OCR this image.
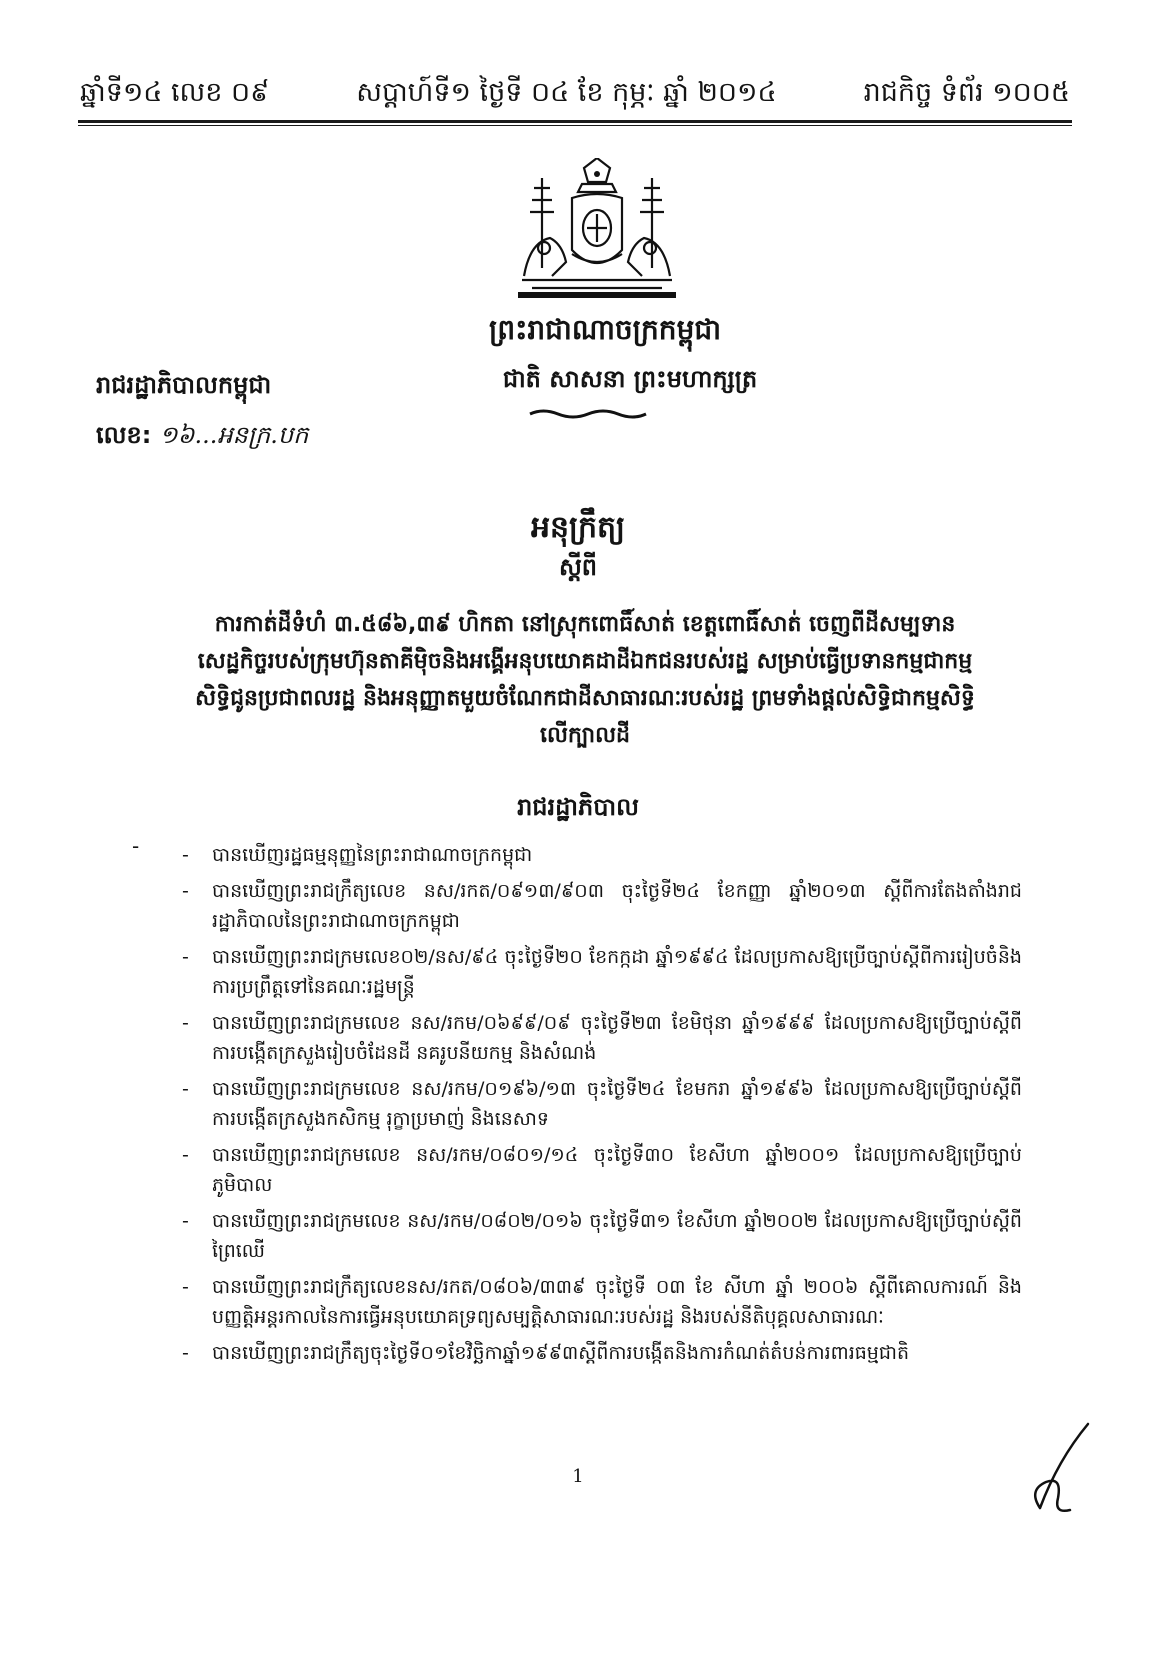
ឆ្នាំទី១៤ លេខ ០៩	សប្ដាហ៍ទី១ ថ្ងៃទី ០៤ ខែ កុម្ភៈ ឆ្នាំ ២០១៤	រាជកិច្ច ទំព័រ ១០០៥
ព្រះរាជាណាចក្រកម្ពុជា
ជាតិ សាសនា ព្រះមហាក្សត្រ
រាជរដ្ឋាភិបាលកម្ពុជា
លេខ: ១៦...អនក្រ.បក
អនុក្រឹត្យ
ស្ដីពី
ការកាត់ដីទំហំ ៣.៥៨៦,៣៩ ហិកតា នៅស្រុកពោធិ៍សាត់ ខេត្តពោធិ៍សាត់ ចេញពីដីសម្បទានសេដ្ឋកិច្ចរបស់ក្រុមហ៊ុនតាគីម៉ិចនិងអង្គើអនុបយោគដាដីឯកជនរបស់រដ្ឋ សម្រាប់ធ្វើប្រទានកម្មជាកម្មសិទ្ធិជូនប្រជាពលរដ្ឋ និងអនុញ្ញាតមួយចំណែកជាដីសាធារណៈរបស់រដ្ឋ ព្រមទាំងផ្ដល់សិទ្ធិជាកម្មសិទ្ធិលើក្បាលដី
រាជរដ្ឋាភិបាល
- - បានឃើញរដ្ឋធម្មនុញ្ញនៃព្រះរាជាណាចក្រកម្ពុជា
- បានឃើញព្រះរាជក្រឹត្យលេខ នស/រកត/០៩១៣/៩០៣ ចុះថ្ងៃទី២៤ ខែកញ្ញា ឆ្នាំ២០១៣ ស្ដីពីការតែងតាំងរាជរដ្ឋាភិបាលនៃព្រះរាជាណាចក្រកម្ពុជា
- បានឃើញព្រះរាជក្រមលេខ០២/នស/៩៤ ចុះថ្ងៃទី២០ ខែកក្កដា ឆ្នាំ១៩៩៤ ដែលប្រកាសឱ្យប្រើច្បាប់ស្ដីពីការរៀបចំនិងការប្រព្រឹត្តទៅនៃគណៈរដ្ឋមន្ត្រី
- បានឃើញព្រះរាជក្រមលេខ នស/រកម/០៦៩៩/០៩ ចុះថ្ងៃទី២៣ ខែមិថុនា ឆ្នាំ១៩៩៩ ដែលប្រកាសឱ្យប្រើច្បាប់ស្ដីពីការបង្កើតក្រសួងរៀបចំដែនដី នគរូបនីយកម្ម និងសំណង់
- បានឃើញព្រះរាជក្រមលេខ នស/រកម/០១៩៦/១៣ ចុះថ្ងៃទី២៤ ខែមករា ឆ្នាំ១៩៩៦ ដែលប្រកាសឱ្យប្រើច្បាប់ស្ដីពីការបង្កើតក្រសួងកសិកម្ម រុក្ខាប្រមាញ់ និងនេសាទ
- បានឃើញព្រះរាជក្រមលេខ នស/រកម/០៨០១/១៤ ចុះថ្ងៃទី៣០ ខែសីហា ឆ្នាំ២០០១ ដែលប្រកាសឱ្យប្រើច្បាប់ភូមិបាល
- បានឃើញព្រះរាជក្រមលេខ នស/រកម/០៨០២/០១៦ ចុះថ្ងៃទី៣១ ខែសីហា ឆ្នាំ២០០២ ដែលប្រកាសឱ្យប្រើច្បាប់ស្ដីពីព្រៃឈើ
- បានឃើញព្រះរាជក្រឹត្យលេខនស/រកត/០៨០៦/៣៣៩ ចុះថ្ងៃទី ០៣ ខែ សីហា ឆ្នាំ ២០០៦ ស្ដីពីគោលការណ៍ និងបញ្ញត្តិអន្តរកាលនៃការធ្វើអនុបយោគទ្រព្យសម្បត្តិសាធារណៈរបស់រដ្ឋ និងរបស់នីតិបុគ្គលសាធារណៈ
- បានឃើញព្រះរាជក្រឹត្យចុះថ្ងៃទី០១ខែវិច្ឆិកាឆ្នាំ១៩៩៣ស្ដីពីការបង្កើតនិងការកំណត់តំបន់ការពារធម្មជាតិ
1
